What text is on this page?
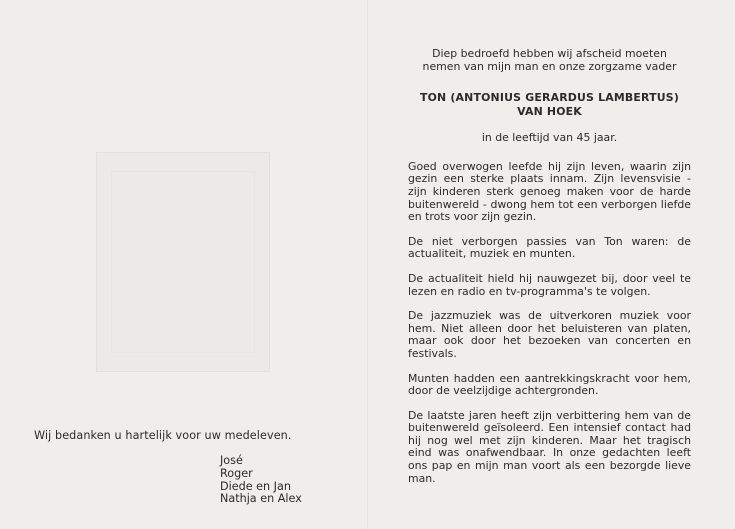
Wij bedanken u hartelijk voor uw medeleven.

José
Roger
Diede en Jan
Nathja en Alex

Diep bedroefd hebben wij afscheid moeten
nemen van mijn man en onze zorgzame vader

TON (ANTONIUS GERARDUS LAMBERTUS)
VAN HOEK

in de leeftijd van 45 jaar.

Goed overwogen leefde hij zijn leven, waarin zijn gezin een sterke plaats innam. Zijn levensvisie - zijn kinderen sterk genoeg maken voor de harde buitenwereld - dwong hem tot een verborgen liefde en trots voor zijn gezin.

De niet verborgen passies van Ton waren: de actualiteit, muziek en munten.

De actualiteit hield hij nauwgezet bij, door veel te lezen en radio en tv-programma's te volgen.

De jazzmuziek was de uitverkoren muziek voor hem. Niet alleen door het beluisteren van platen, maar ook door het bezoeken van concerten en festivals.

Munten hadden een aantrekkingskracht voor hem, door de veelzijdige achtergronden.

De laatste jaren heeft zijn verbittering hem van de buitenwereld geïsoleerd. Een intensief contact had hij nog wel met zijn kinderen. Maar het tragisch eind was onafwendbaar. In onze gedachten leeft ons pap en mijn man voort als een bezorgde lieve man.
